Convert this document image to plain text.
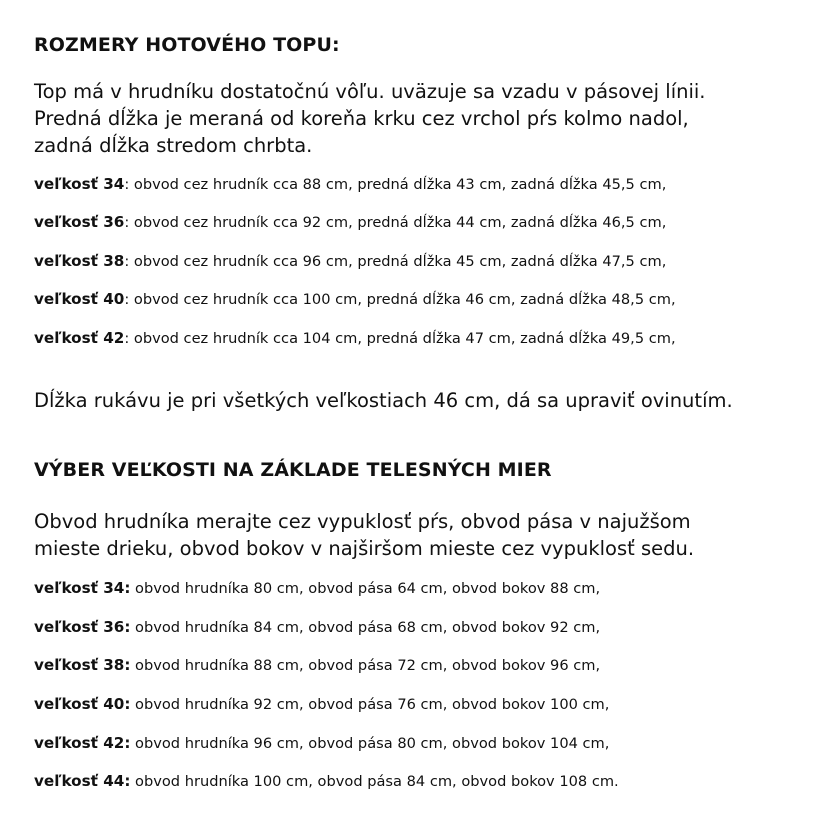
ROZMERY HOTOVÉHO TOPU:
Top má v hrudníku dostatočnú vôľu. uväzuje sa vzadu v pásovej línii.
Predná dĺžka je meraná od koreňa krku cez vrchol pŕs kolmo nadol,
zadná dĺžka stredom chrbta.
veľkosť 34: obvod cez hrudník cca 88 cm, predná dĺžka 43 cm, zadná dĺžka 45,5 cm,
veľkosť 36: obvod cez hrudník cca 92 cm, predná dĺžka 44 cm, zadná dĺžka 46,5 cm,
veľkosť 38: obvod cez hrudník cca 96 cm, predná dĺžka 45 cm, zadná dĺžka 47,5 cm,
veľkosť 40: obvod cez hrudník cca 100 cm, predná dĺžka 46 cm, zadná dĺžka 48,5 cm,
veľkosť 42: obvod cez hrudník cca 104 cm, predná dĺžka 47 cm, zadná dĺžka 49,5 cm,
Dĺžka rukávu je pri všetkých veľkostiach 46 cm, dá sa upraviť ovinutím.
VÝBER VEĽKOSTI NA ZÁKLADE TELESNÝCH MIER
Obvod hrudníka merajte cez vypuklosť pŕs, obvod pása v najužšom
mieste drieku, obvod bokov v najširšom mieste cez vypuklosť sedu.
veľkosť 34: obvod hrudníka 80 cm, obvod pása 64 cm, obvod bokov 88 cm,
veľkosť 36: obvod hrudníka 84 cm, obvod pása 68 cm, obvod bokov 92 cm,
veľkosť 38: obvod hrudníka 88 cm, obvod pása 72 cm, obvod bokov 96 cm,
veľkosť 40: obvod hrudníka 92 cm, obvod pása 76 cm, obvod bokov 100 cm,
veľkosť 42: obvod hrudníka 96 cm, obvod pása 80 cm, obvod bokov 104 cm,
veľkosť 44: obvod hrudníka 100 cm, obvod pása 84 cm, obvod bokov 108 cm.
